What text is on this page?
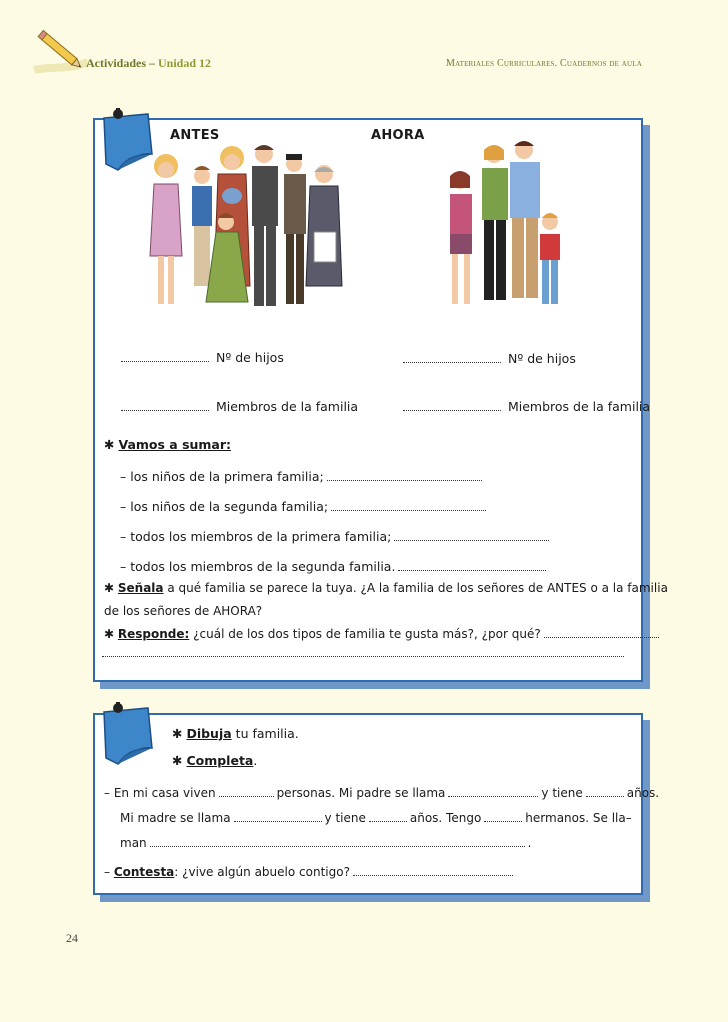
Actividades – Unidad 12	Materiales Curriculares. Cuadernos de aula
ANTES	AHORA
Nº de hijos
Miembros de la familia
Nº de hijos
Miembros de la familia
✱ Vamos a sumar:
– los niños de la primera familia;
– los niños de la segunda familia;
– todos los miembros de la primera familia;
– todos los miembros de la segunda familia.
✱ Señala a qué familia se parece la tuya. ¿A la familia de los señores de ANTES o a la familia
de los señores de AHORA?
✱ Responde: ¿cuál de los dos tipos de familia te gusta más?, ¿por qué?
✱ Dibuja tu familia.
✱ Completa.
– En mi casa viven	personas. Mi padre se llama	y tiene	años.
Mi madre se llama	y tiene	años. Tengo	hermanos. Se lla–
man	.
– Contesta: ¿vive algún abuelo contigo?
24
